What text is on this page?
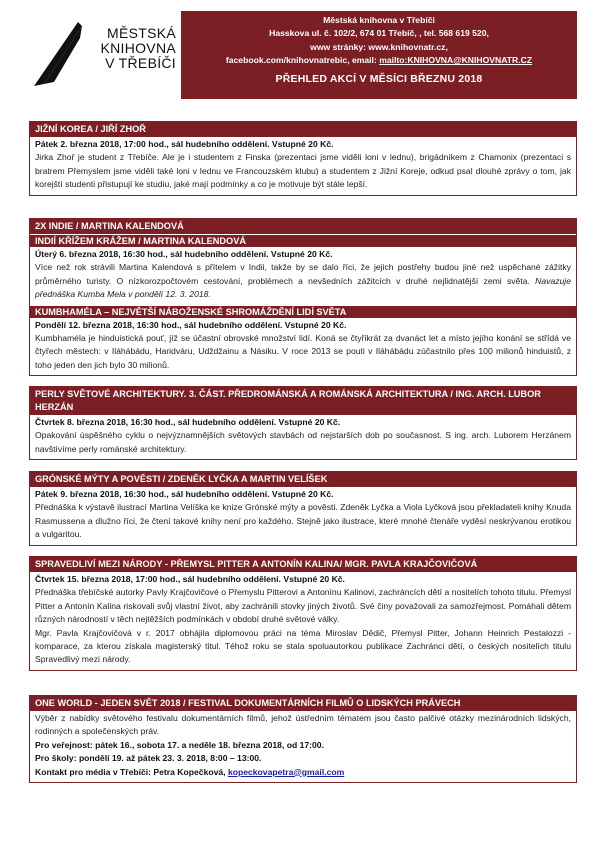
MĚSTSKÁ
KNIHOVNA
V TŘEBÍČI
Městská knihovna v Třebíči
Hasskova ul. č. 102/2, 674 01 Třebíč, , tel. 568 619 520,
www stránky: www.knihovnatr.cz,
facebook.com/knihovnatrebic, email: mailto:KNIHOVNA@KNIHOVNATR.CZ
PŘEHLED AKCÍ V MĚSÍCI BŘEZNU 2018
JIŽNÍ KOREA / JIŘÍ ZHOŘ
Pátek 2. března 2018, 17:00 hod., sál hudebního oddělení. Vstupné 20 Kč.
Jirka Zhoř je student z Třebíče. Ale je i studentem z Finska (prezentaci jsme viděli loni v lednu), brigádníkem z Chamonix (prezentaci s bratrem Přemyslem jsme viděli také loni v lednu ve Francouzském klubu) a studentem z Jižní Koreje, odkud psal dlouhé zprávy o tom, jak korejští studenti přistupují ke studiu, jaké mají podmínky a co je motivuje být stále lepší.
2X INDIE / MARTINA KALENDOVÁ
INDIÍ KŘÍŽEM KRÁŽEM / MARTINA KALENDOVÁ
Úterý 6. března 2018, 16:30 hod., sál hudebního oddělení. Vstupné 20 Kč.
Více než rok strávili Martina Kalendová s přítelem v Indii, takže by se dalo říci, že jejich postřehy budou jiné než uspěchané zážitky průměrného turisty. O nízkorozpočtovém cestování, problémech a nevšedních zážitcích v druhé nejlidnatější zemi světa. Navazuje přednáška Kumba Mela v pondělí 12. 3. 2018.
KUMBHAMÉLA – NEJVĚTŠÍ NÁBOŽENSKÉ SHROMÁŽDĚNÍ LIDÍ SVĚTA
Pondělí 12. března 2018, 16:30 hod., sál hudebního oddělení. Vstupné 20 Kč.
Kumbhaméla je hinduistická pouť, jíž se účastní obrovské množství lidí. Koná se čtyřikrát za dvanáct let a místo jejího konání se střídá ve čtyřech městech: v Iláhábádu, Haridváru, Udždžainu a Násiku. V roce 2013 se pouti v Iláhábádu zúčastnilo přes 100 milionů hinduistů, z toho jeden den jich bylo 30 milionů.
PERLY SVĚTOVÉ ARCHITEKTURY. 3. ČÁST. PŘEDROMÁNSKÁ A ROMÁNSKÁ ARCHITEKTURA / ING. ARCH. LUBOR HERZÁN
Čtvrtek 8. března 2018, 16:30 hod., sál hudebního oddělení. Vstupné 20 Kč.
Opakování úspěšného cyklu o nejvýznamnějších světových stavbách od nejstarších dob po současnost. S ing. arch. Luborem Herzánem navštívíme perly románské architektury.
GRÓNSKÉ MÝTY A POVĚSTI / ZDENĚK LYČKA A MARTIN VELÍŠEK
Pátek 9. března 2018, 16:30 hod., sál hudebního oddělení. Vstupné 20 Kč.
Přednáška k výstavě ilustrací Martina Velíška ke knize Grónské mýty a pověsti. Zdeněk Lyčka a Viola Lyčková jsou překladateli knihy Knuda Rasmussena a dlužno říci, že čtení takové knihy není pro každého. Stejně jako ilustrace, které mnohé čtenáře vyděsí neskrývanou erotikou a vulgaritou.
SPRAVEDLIVÍ MEZI NÁRODY - PŘEMYSL PITTER A ANTONÍN KALINA/ MGR. PAVLA KRAJČOVIČOVÁ
Čtvrtek 15. března 2018, 17:00 hod., sál hudebního oddělení. Vstupné 20 Kč.
Přednáška třebíčské autorky Pavly Krajčovičové o Přemyslu Pitterovi a Antonínu Kalinovi, zachráncích dětí a nositelích tohoto titulu. Přemysl Pitter a Antonín Kalina riskovali svůj vlastní život, aby zachránili stovky jiných životů. Své činy považovali za samozřejmost. Pomáhali dětem různých národností v těch nejtěžších podmínkách v období druhé světové války.
Mgr. Pavla Krajčovičová v r. 2017 obhájila diplomovou práci na téma Miroslav Dědič, Přemysl Pitter, Johann Heinrich Pestalozzi - komparace, za kterou získala magisterský titul. Téhož roku se stala spoluautorkou publikace Zachránci dětí, o českých nositelích titulu Spravedlivý mezi národy.
ONE WORLD - JEDEN SVĚT 2018 / FESTIVAL DOKUMENTÁRNÍCH FILMŮ O LIDSKÝCH PRÁVECH
Výběr z nabídky světového festivalu dokumentárních filmů, jehož ústředním tématem jsou často palčivé otázky mezinárodních lidských, rodinných a společenských práv.
Pro veřejnost: pátek 16., sobota 17. a neděle 18. března 2018, od 17:00.
Pro školy: pondělí 19. až pátek 23. 3. 2018, 8:00 – 13:00.
Kontakt pro média v Třebíči: Petra Kopečková, kopeckovapetra@gmail.com
